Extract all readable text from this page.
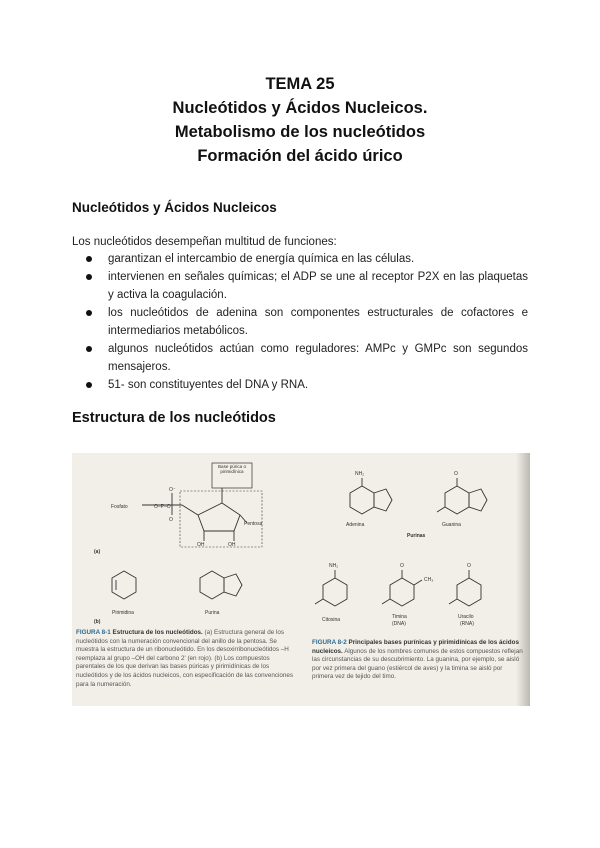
TEMA 25
Nucleótidos y Ácidos Nucleicos.
Metabolismo de los nucleótidos
Formación del ácido úrico
Nucleótidos y Ácidos Nucleicos
Los nucleótidos desempeñan multitud de funciones:
garantizan el intercambio de energía química en las células.
intervienen en señales químicas; el ADP se une al receptor P2X en las plaquetas y activa la coagulación.
los nucleótidos de adenina son componentes estructurales de cofactores e intermediarios metabólicos.
algunos nucleótidos actúan como reguladores: AMPc y GMPc son segundos mensajeros.
51- son constituyentes del DNA y RNA.
Estructura de los nucleótidos
Fosfato	O–P–O
O⁻
O
Pentosa
OH	OH
(a)
(b)
Pirimidina	Purina
NH₂	O
Adenina	Guanina
Purinas
NH₂	O
CH₃
O
Citosina	Timina
(DNA)
Uracilo
(RNA)
Base púrica o pirimidínica
FIGURA 8-1 Estructura de los nucleótidos. (a) Estructura general de los nucleótidos con la numeración convencional del anillo de la pentosa. Se muestra la estructura de un ribonucleótido. En los desoxirribonucleótidos –H reemplaza al grupo –OH del carbono 2' (en rojo). (b) Los compuestos parentales de los que derivan las bases púricas y pirimidínicas de los nucleótidos y de los ácidos nucleicos, con especificación de las convenciones para la numeración.
FIGURA 8-2 Principales bases purínicas y pirimidínicas de los ácidos nucleicos. Algunos de los nombres comunes de estos compuestos reflejan las circunstancias de su descubrimiento. La guanina, por ejemplo, se aisló por vez primera del guano (estiércol de aves) y la timina se aisló por primera vez de tejido del timo.
